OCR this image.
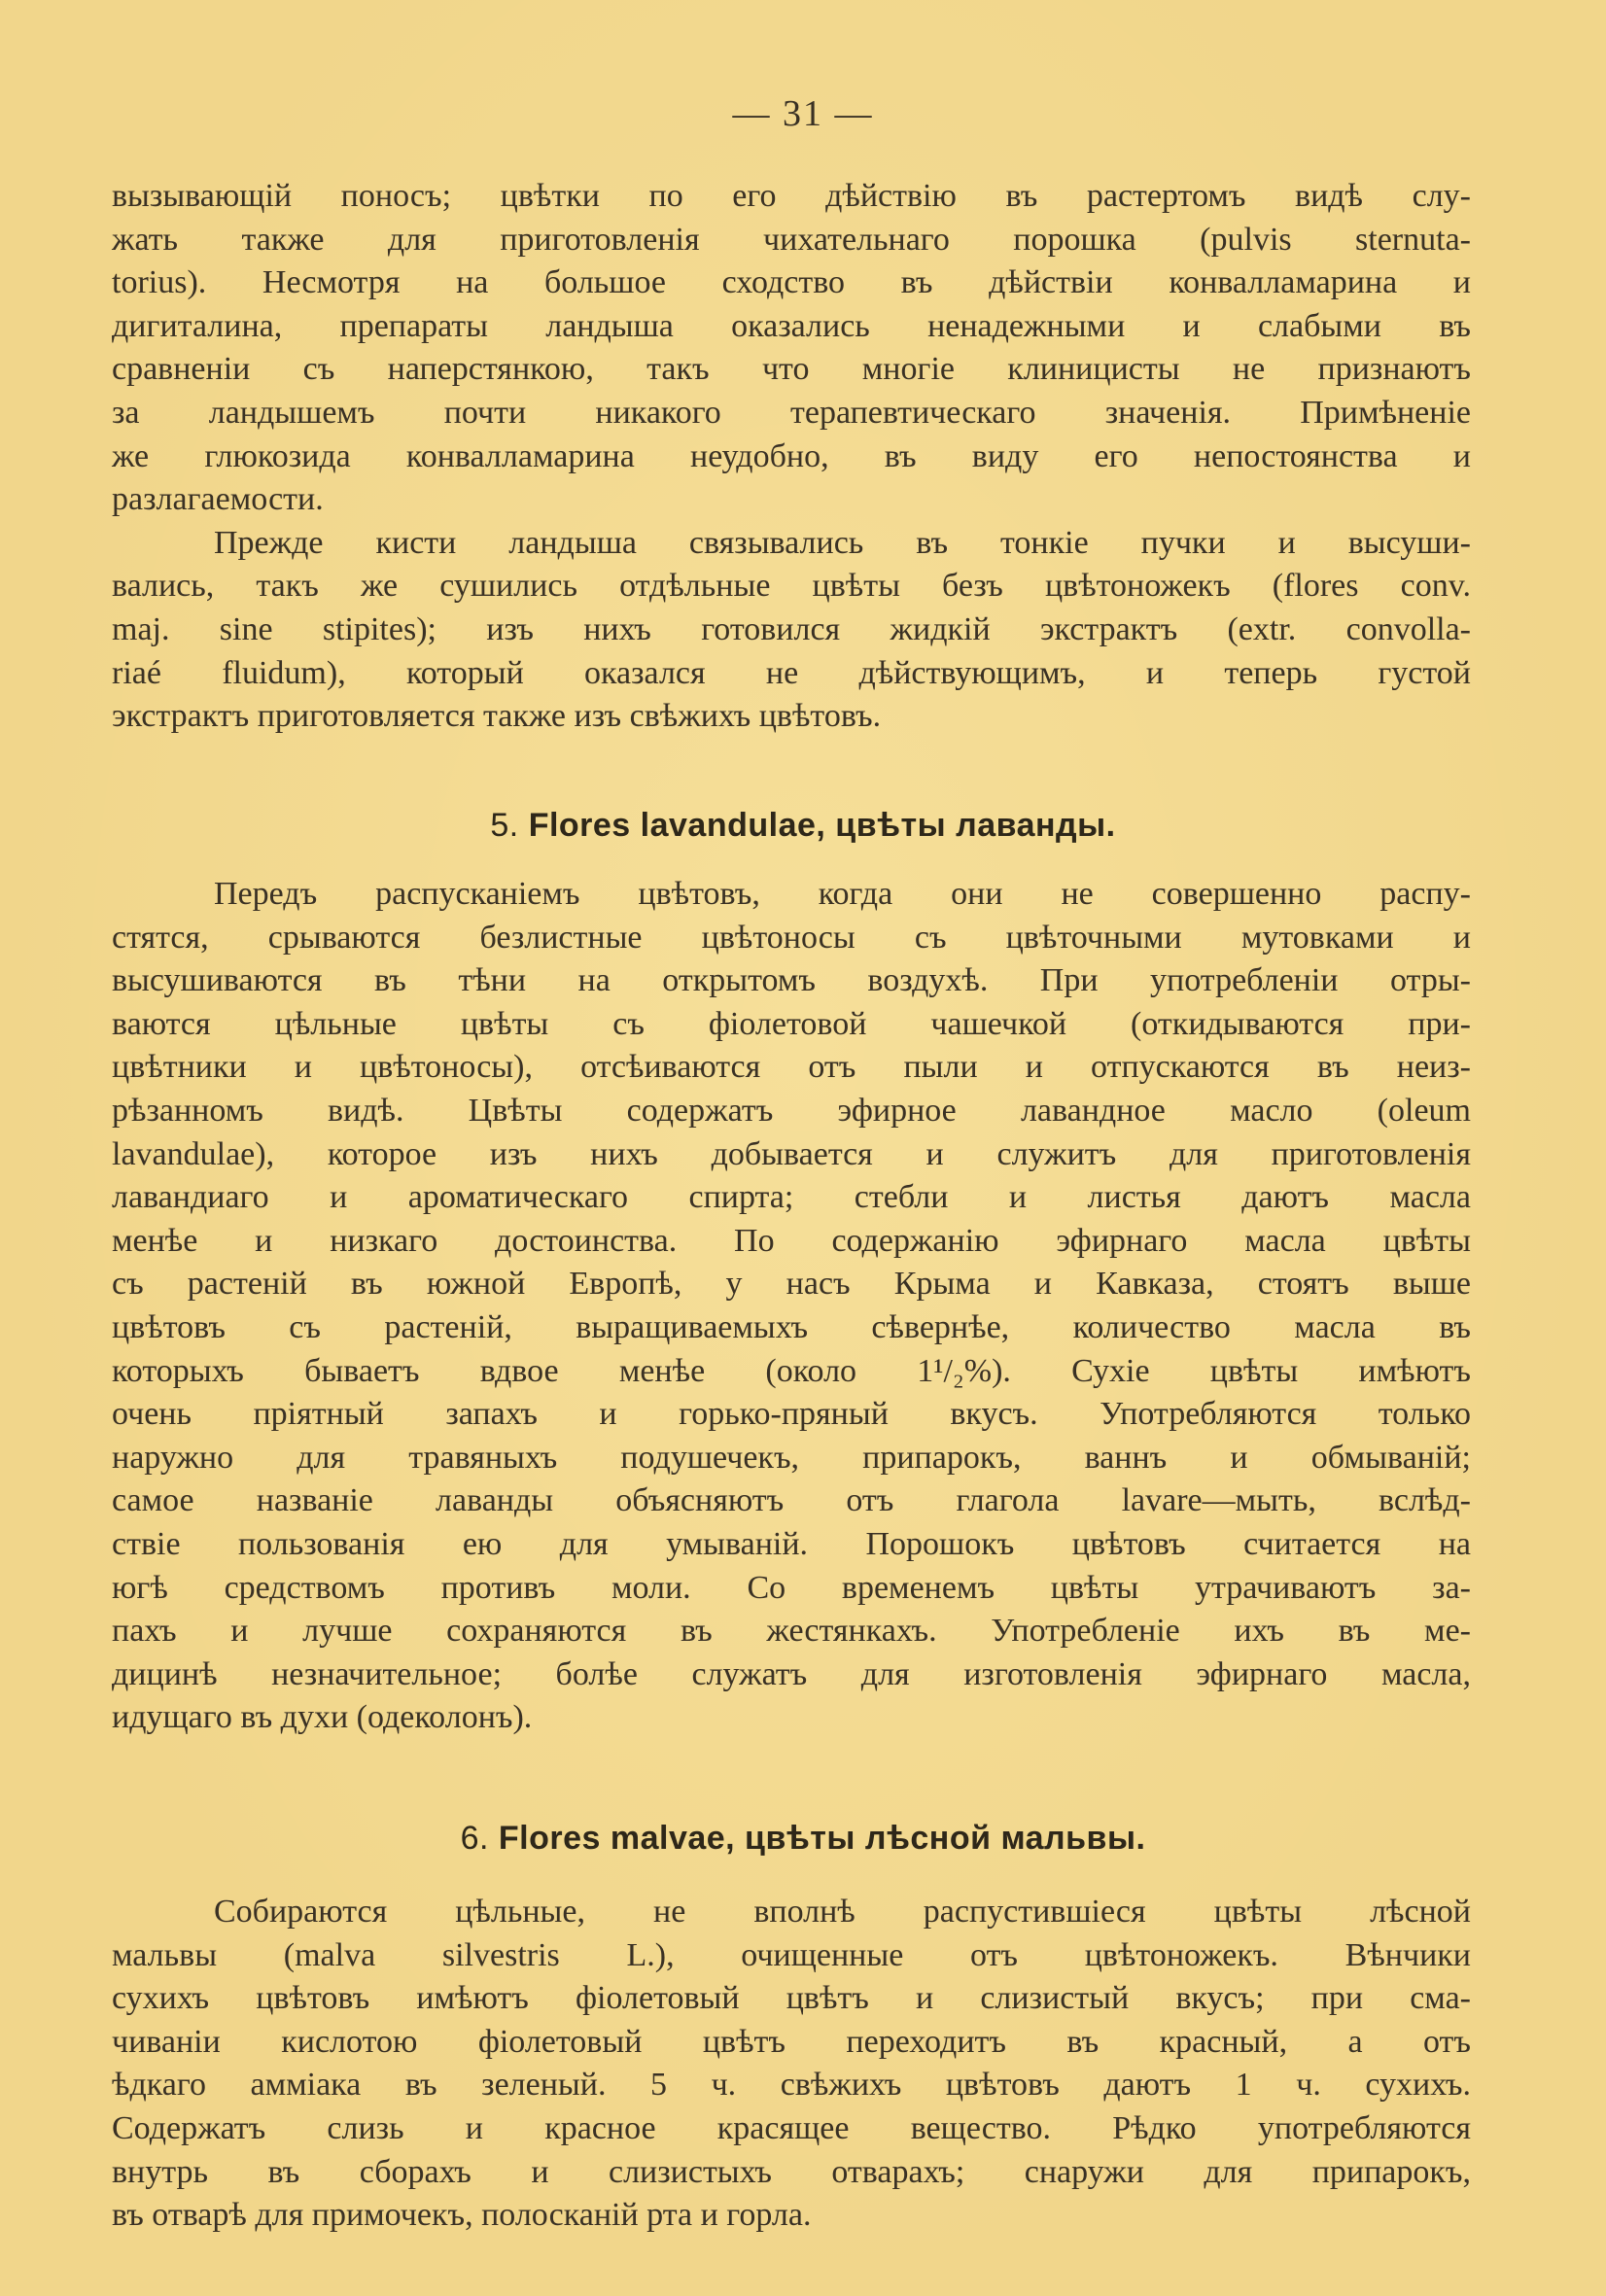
— 31 —

вызывающій поносъ; цвѣтки по его дѣйствію въ растертомъ видѣ слу-
жать также для приготовленія чихательнаго порошка (pulvis sternuta-
torius). Несмотря на большое сходство въ дѣйствіи конвалламарина и
дигиталина, препараты ландыша оказались ненадежными и слабыми въ
сравненіи съ наперстянкою, такъ что многіе клиницисты не признаютъ
за ландышемъ почти никакого терапевтическаго значенія. Примѣненіе
же глюкозида конвалламарина неудобно, въ виду его непостоянства и
разлагаемости.

Прежде кисти ландыша связывались въ тонкіе пучки и высуши-
вались, такъ же сушились отдѣльные цвѣты безъ цвѣтоножекъ (flores conv.
maj. sine stipites); изъ нихъ готовился жидкій экстрактъ (extr. convolla-
riaé fluidum), который оказался не дѣйствующимъ, и теперь густой
экстрактъ приготовляется также изъ свѣжихъ цвѣтовъ.

5. Flores lavandulae, цвѣты лаванды.

Передъ распусканіемъ цвѣтовъ, когда они не совершенно распу-
стятся, срываются безлистные цвѣтоносы съ цвѣточными мутовками и
высушиваются въ тѣни на открытомъ воздухѣ. При употребленіи отры-
ваются цѣльные цвѣты съ фіолетовой чашечкой (откидываются при-
цвѣтники и цвѣтоносы), отсѣиваются отъ пыли и отпускаются въ неиз-
рѣзанномъ видѣ. Цвѣты содержатъ эфирное лавандное масло (oleum
lavandulae), которое изъ нихъ добывается и служитъ для приготовленія
лавандиаго и ароматическаго спирта; стебли и листья даютъ масла
менѣе и низкаго достоинства. По содержанію эфирнаго масла цвѣты
съ растеній въ южной Европѣ, у насъ Крыма и Кавказа, стоятъ выше
цвѣтовъ съ растеній, выращиваемыхъ сѣвернѣе, количество масла въ
которыхъ бываетъ вдвое менѣе (около 1¹/₂%). Сухіе цвѣты имѣютъ
очень пріятный запахъ и горько-пряный вкусъ. Употребляются только
наружно для травяныхъ подушечекъ, припарокъ, ваннъ и обмываній;
самое названіе лаванды объясняютъ отъ глагола lavare—мыть, вслѣд-
ствіе пользованія ею для умываній. Порошокъ цвѣтовъ считается на
югѣ средствомъ противъ моли. Со временемъ цвѣты утрачиваютъ за-
пахъ и лучше сохраняются въ жестянкахъ. Употребленіе ихъ въ ме-
дицинѣ незначительное; болѣе служатъ для изготовленія эфирнаго масла,
идущаго въ духи (одеколонъ).

6. Flores malvae, цвѣты лѣсной мальвы.

Собираются цѣльные, не вполнѣ распустившіеся цвѣты лѣсной
мальвы (malva silvestris L.), очищенные отъ цвѣтоножекъ. Вѣнчики
сухихъ цвѣтовъ имѣютъ фіолетовый цвѣтъ и слизистый вкусъ; при сма-
чиваніи кислотою фіолетовый цвѣтъ переходитъ въ красный, а отъ
ѣдкаго амміака въ зеленый. 5 ч. свѣжихъ цвѣтовъ даютъ 1 ч. сухихъ.
Содержатъ слизь и красное красящее вещество. Рѣдко употребляются
внутрь въ сборахъ и слизистыхъ отварахъ; снаружи для припарокъ,
въ отварѣ для примочекъ, полосканій рта и горла.
